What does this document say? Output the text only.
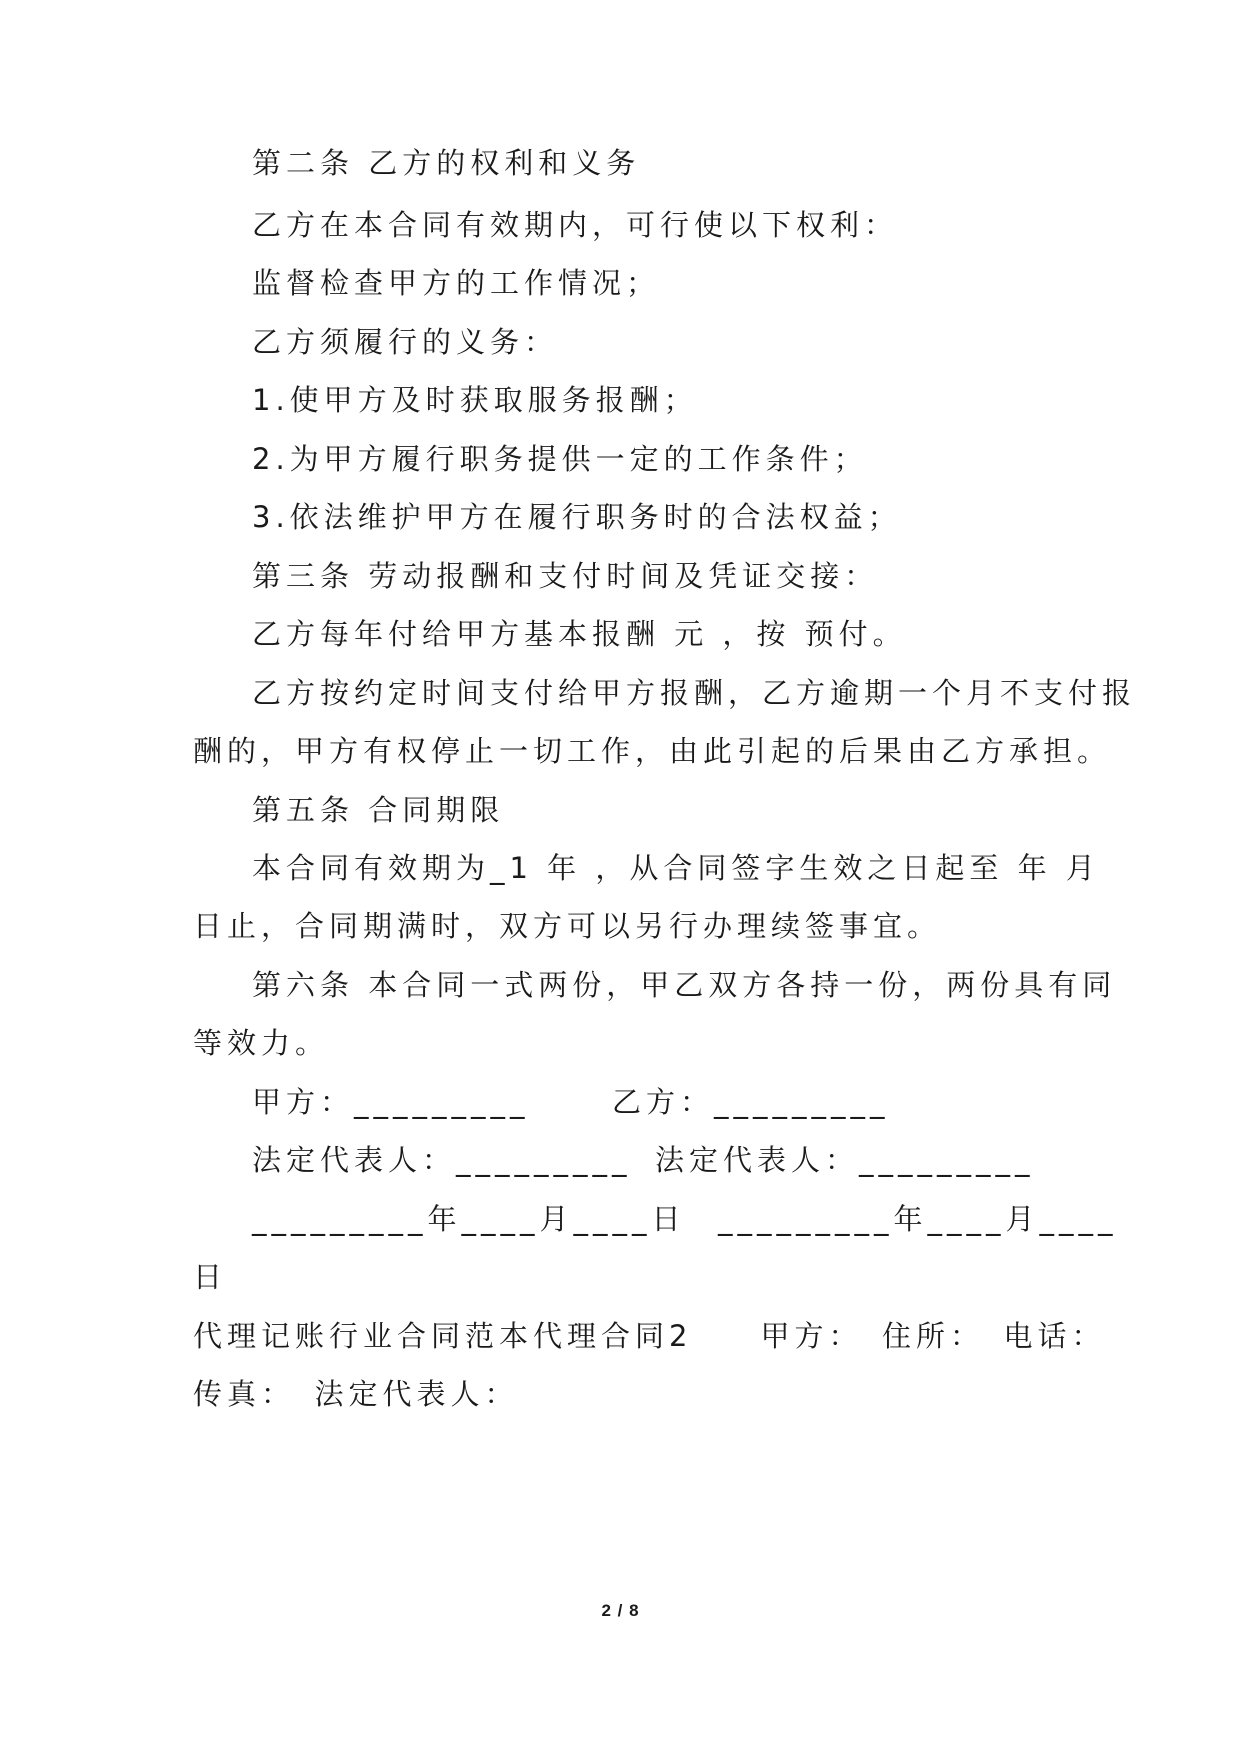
第二条 乙方的权利和义务
乙方在本合同有效期内，可行使以下权利：
监督检查甲方的工作情况；
乙方须履行的义务：
1.使甲方及时获取服务报酬；
2.为甲方履行职务提供一定的工作条件；
3.依法维护甲方在履行职务时的合法权益；
第三条 劳动报酬和支付时间及凭证交接：
乙方每年付给甲方基本报酬 元 ，按 预付。
乙方按约定时间支付给甲方报酬，乙方逾期一个月不支付报
酬的，甲方有权停止一切工作，由此引起的后果由乙方承担。
第五条 合同期限
本合同有效期为_1 年 ，从合同签字生效之日起至 年 月
日止，合同期满时，双方可以另行办理续签事宜。
第六条 本合同一式两份，甲乙双方各持一份，两份具有同
等效力。
甲方：_________	乙方：_________
法定代表人：_________ 法定代表人：_________
_________年____月____日 _________年____月____
日
代理记账行业合同范本代理合同2　　甲方：　住所：　电话：
传真：　法定代表人：
2 / 8
